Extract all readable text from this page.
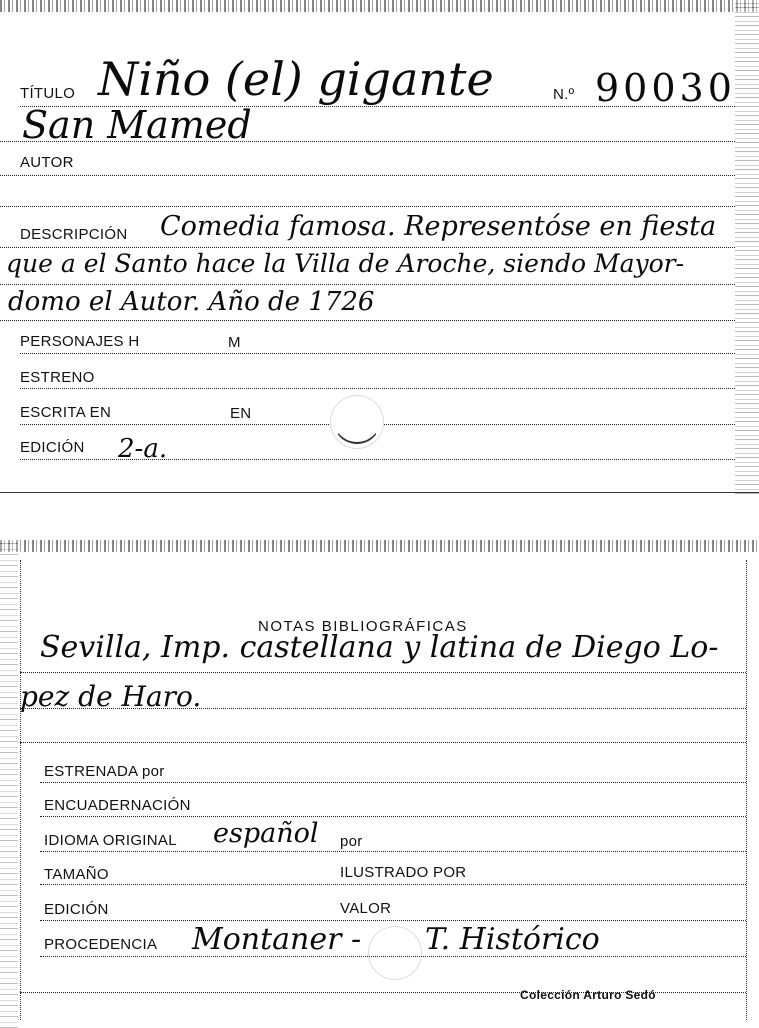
TÍTULO Niño (el) gigante	N.º 90030
San Mamed
AUTOR
DESCRIPCIÓN Comedia famosa. Representóse en fiesta
que a el Santo hace la Villa de Aroche, siendo Mayor-
domo el Autor. Año de 1726
PERSONAJES H	M
ESTRENO
ESCRITA EN	EN
EDICIÓN 2-a.
NOTAS BIBLIOGRÁFICAS
Sevilla, Imp. castellana y latina de Diego Lo-
pez de Haro.
ESTRENADA por
ENCUADERNACIÓN
IDIOMA ORIGINAL español por
TAMAÑO	ILUSTRADO POR
EDICIÓN	VALOR
PROCEDENCIA Montaner - T. Histórico
Colección Arturo Sedó
